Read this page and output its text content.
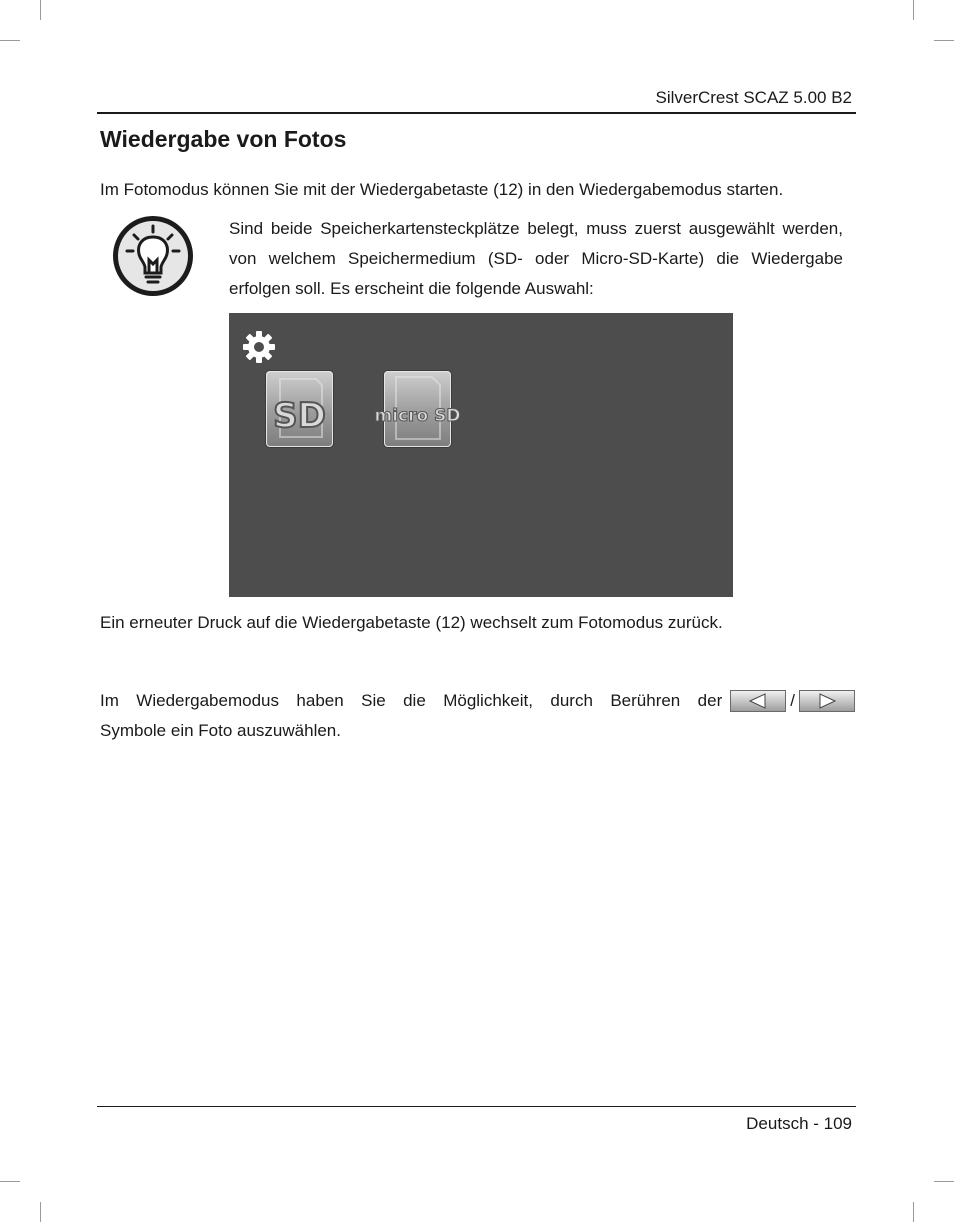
SilverCrest SCAZ 5.00 B2
Wiedergabe von Fotos

Im Fotomodus können Sie mit der Wiedergabetaste (12) in den Wiedergabemodus starten.

Sind beide Speicherkartensteckplätze belegt, muss zuerst ausgewählt werden, von welchem Speichermedium (SD- oder Micro-SD-Karte) die Wiedergabe erfolgen soll. Es erscheint die folgende Auswahl:

SD	micro SD

Ein erneuter Druck auf die Wiedergabetaste (12) wechselt zum Fotomodus zurück.

Im Wiedergabemodus haben Sie die Möglichkeit, durch Berühren der	/
Symbole ein Foto auszuwählen.
Deutsch - 109
